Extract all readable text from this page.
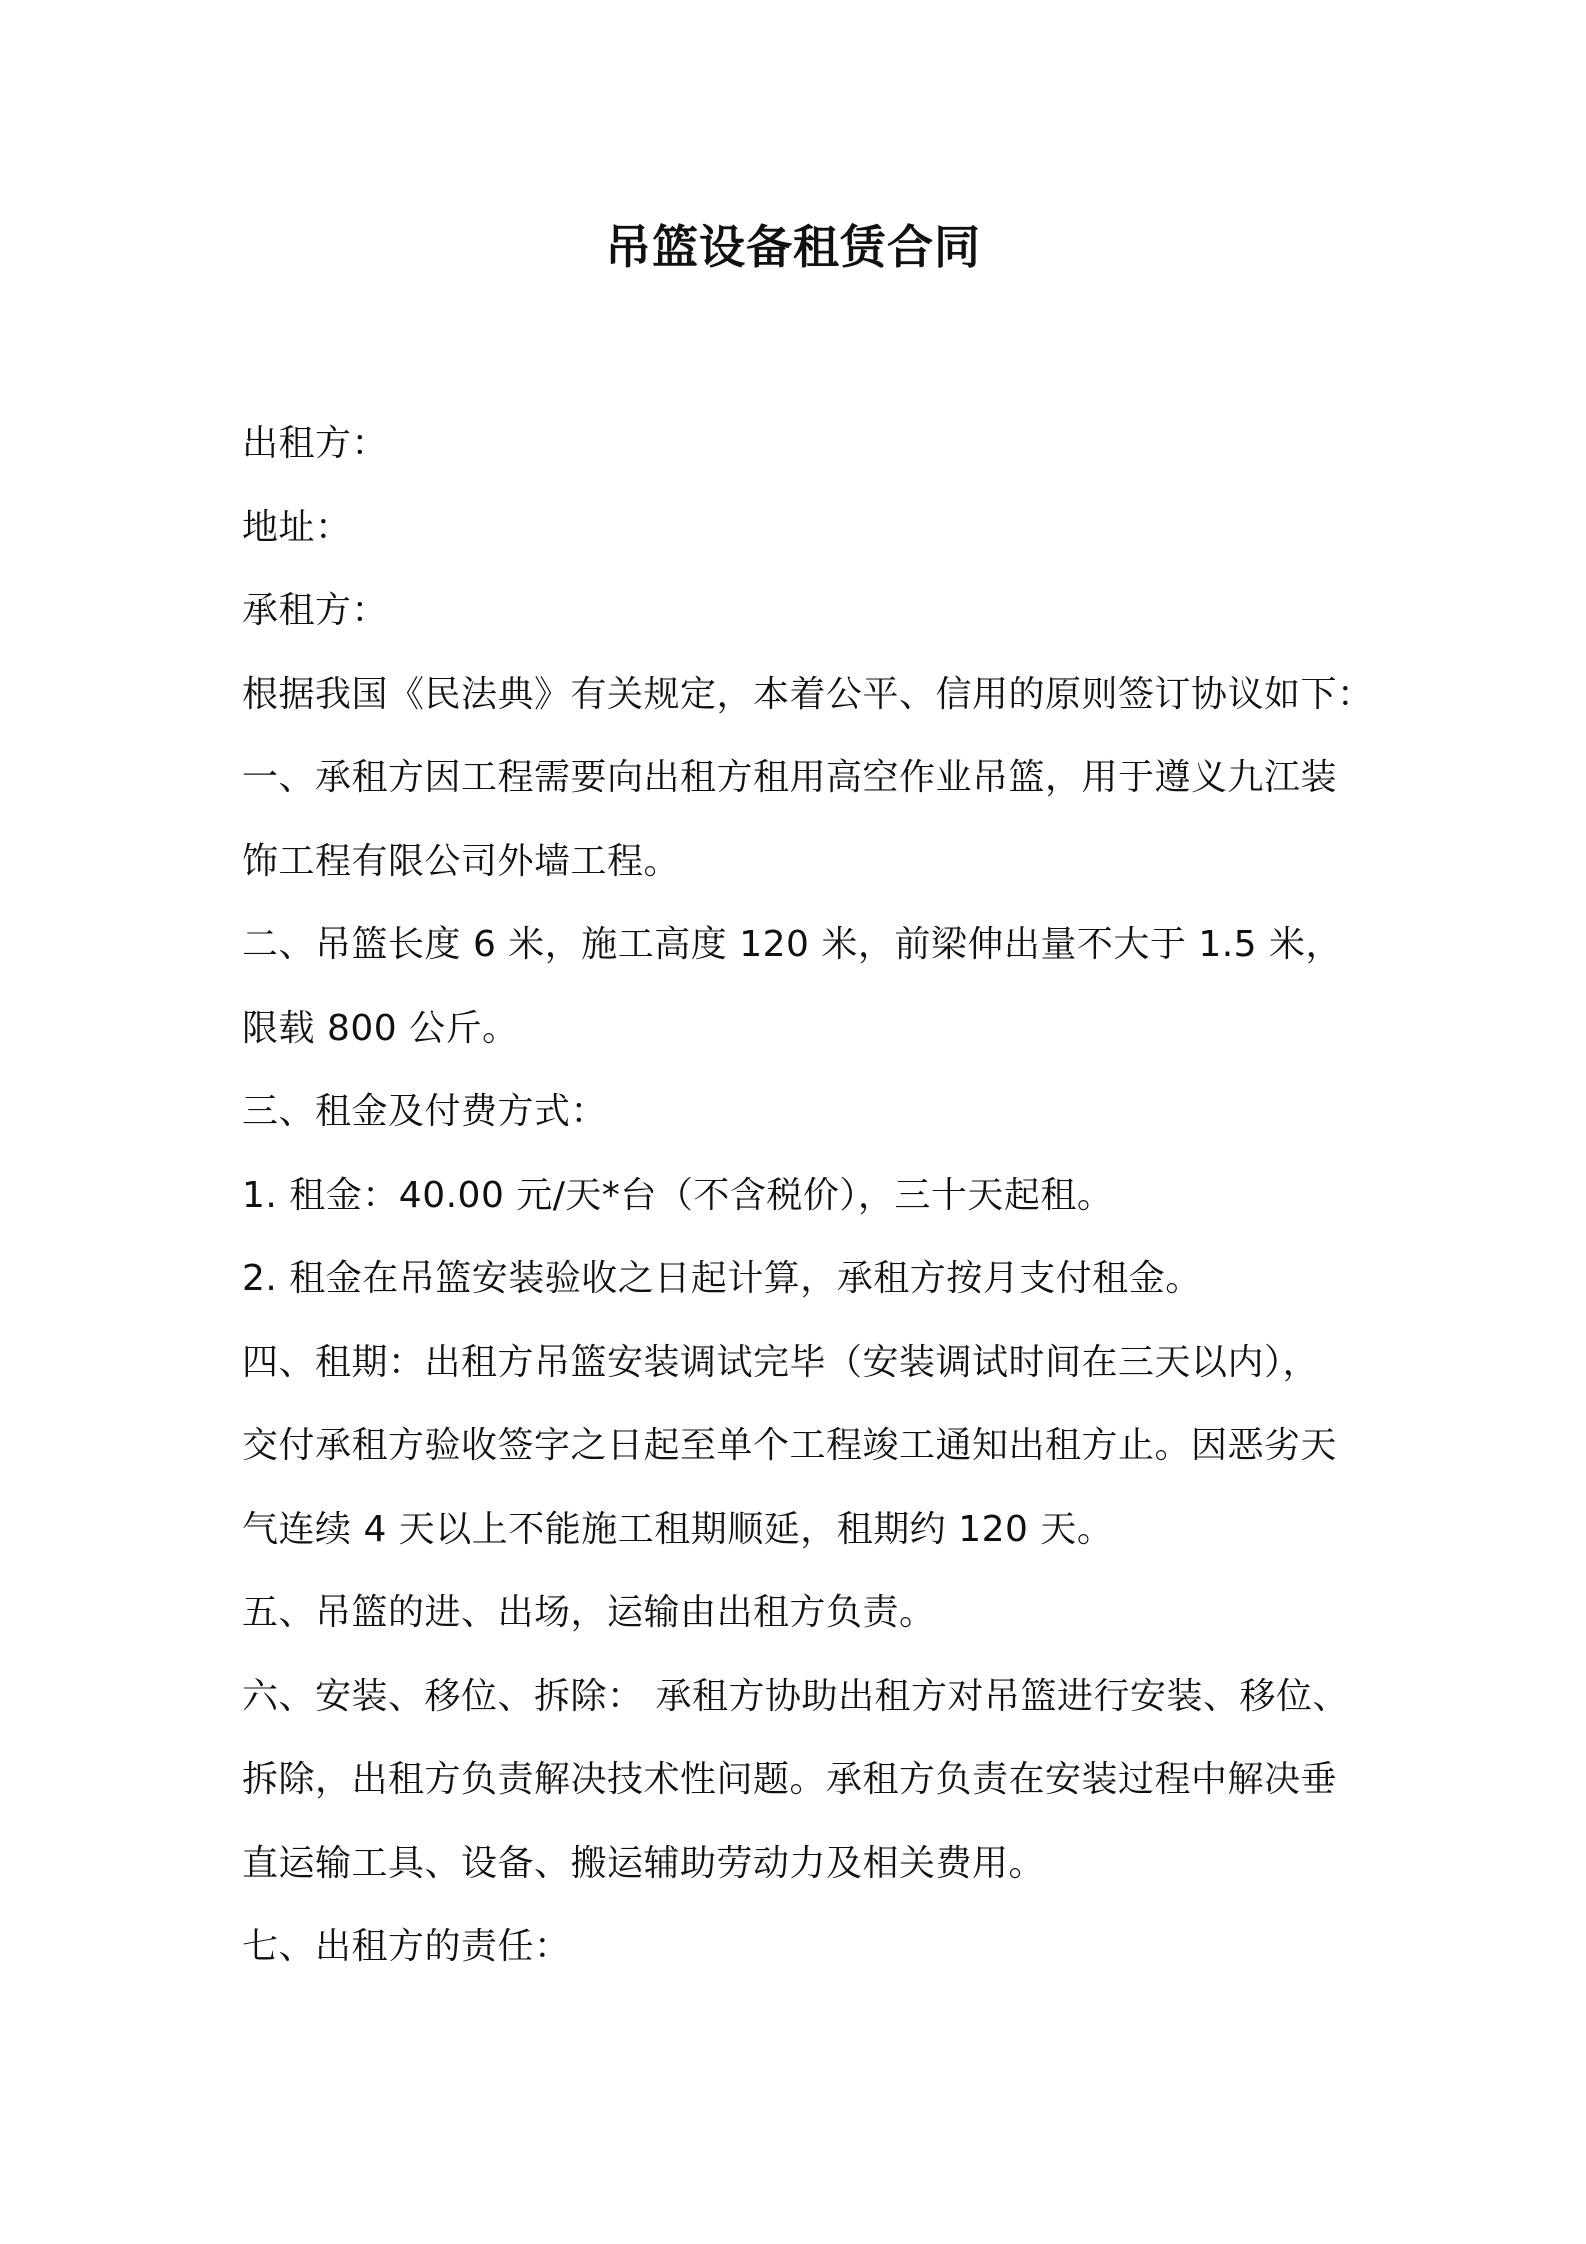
吊篮设备租赁合同

出租方：

地址：

承租方：

根据我国《民法典》有关规定，本着公平、信用的原则签订协议如下：

一、承租方因工程需要向出租方租用高空作业吊篮，用于遵义九江装

饰工程有限公司外墙工程。

二、吊篮长度 6 米，施工高度 120 米，前梁伸出量不大于 1.5 米，

限载 800 公斤。

三、租金及付费方式：

1. 租金：40.00 元/天*台（不含税价），三十天起租。

2. 租金在吊篮安装验收之日起计算，承租方按月支付租金。

四、租期：出租方吊篮安装调试完毕（安装调试时间在三天以内），

交付承租方验收签字之日起至单个工程竣工通知出租方止。因恶劣天

气连续 4 天以上不能施工租期顺延，租期约 120 天。

五、吊篮的进、出场，运输由出租方负责。

六、安装、移位、拆除： 承租方协助出租方对吊篮进行安装、移位、

拆除，出租方负责解决技术性问题。承租方负责在安装过程中解决垂

直运输工具、设备、搬运辅助劳动力及相关费用。

七、出租方的责任：
